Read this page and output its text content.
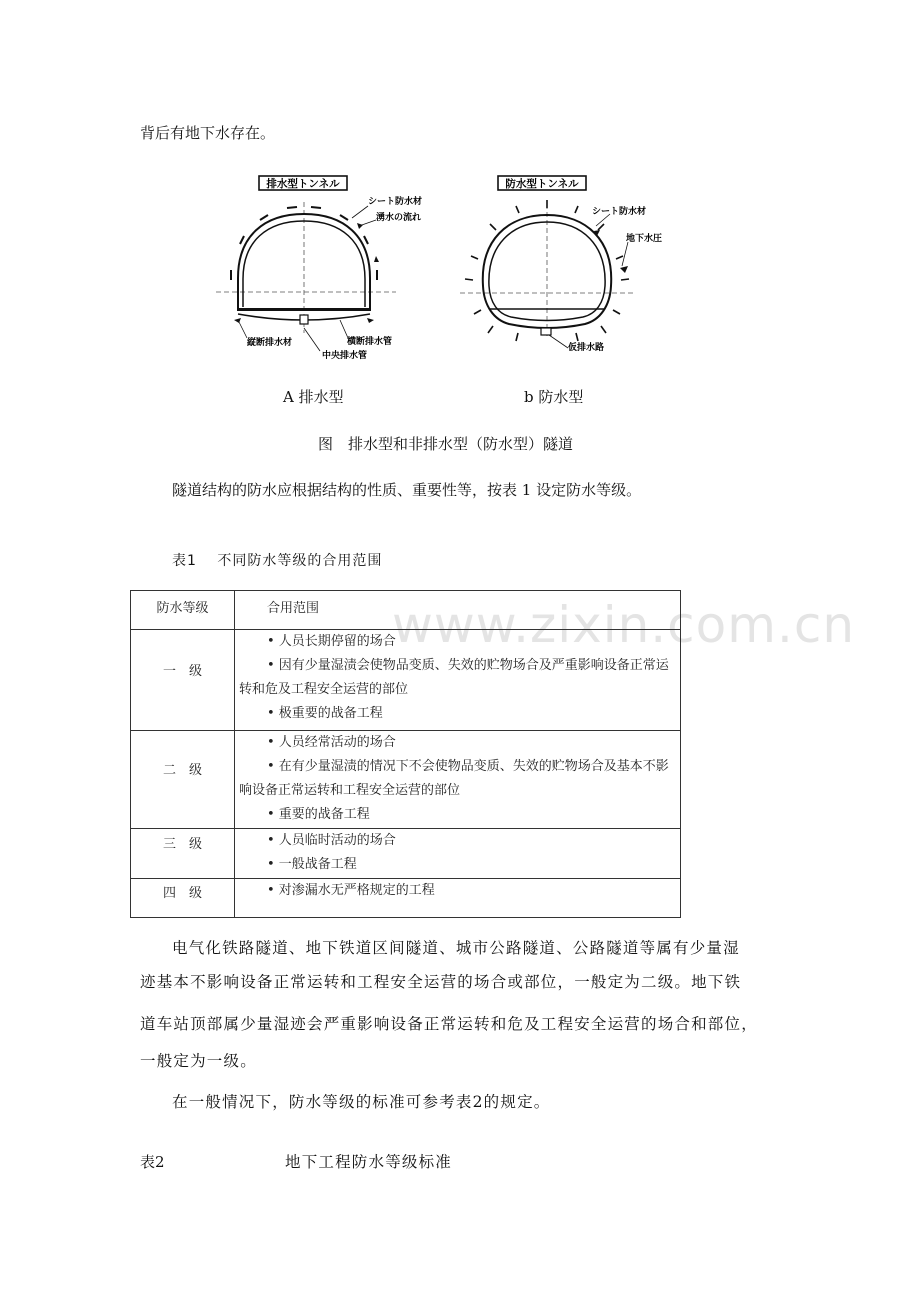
背后有地下水存在。
排水型トンネル
シート防水材
湧水の流れ
縦断排水材	横断排水管
中央排水管
防水型トンネル
シート防水材
地下水圧
仮排水路
A 排水型	b 防水型
图　排水型和非排水型（防水型）隧道
隧道结构的防水应根据结构的性质、重要性等，按表 1 设定防水等级。
表1　 不同防水等级的合用范围
www.zixin.com.cn
防水等级	合用范围
一　级	• 人员长期停留的场合
• 因有少量湿渍会使物品变质、失效的贮物场合及严重影响设备正常运转和危及工程安全运营的部位
• 极重要的战备工程

二　级	• 人员经常活动的场合
• 在有少量湿渍的情况下不会使物品变质、失效的贮物场合及基本不影响设备正常运转和工程安全运营的部位
• 重要的战备工程

三　级	• 人员临时活动的场合
• 一般战备工程

四　级	• 对渗漏水无严格规定的工程
电气化铁路隧道、地下铁道区间隧道、城市公路隧道、公路隧道等属有少量湿
迹基本不影响设备正常运转和工程安全运营的场合或部位，一般定为二级。地下铁
道车站顶部属少量湿迹会严重影响设备正常运转和危及工程安全运营的场合和部位，
一般定为一级。
在一般情况下，防水等级的标准可参考表2的规定。
表2	地下工程防水等级标准
